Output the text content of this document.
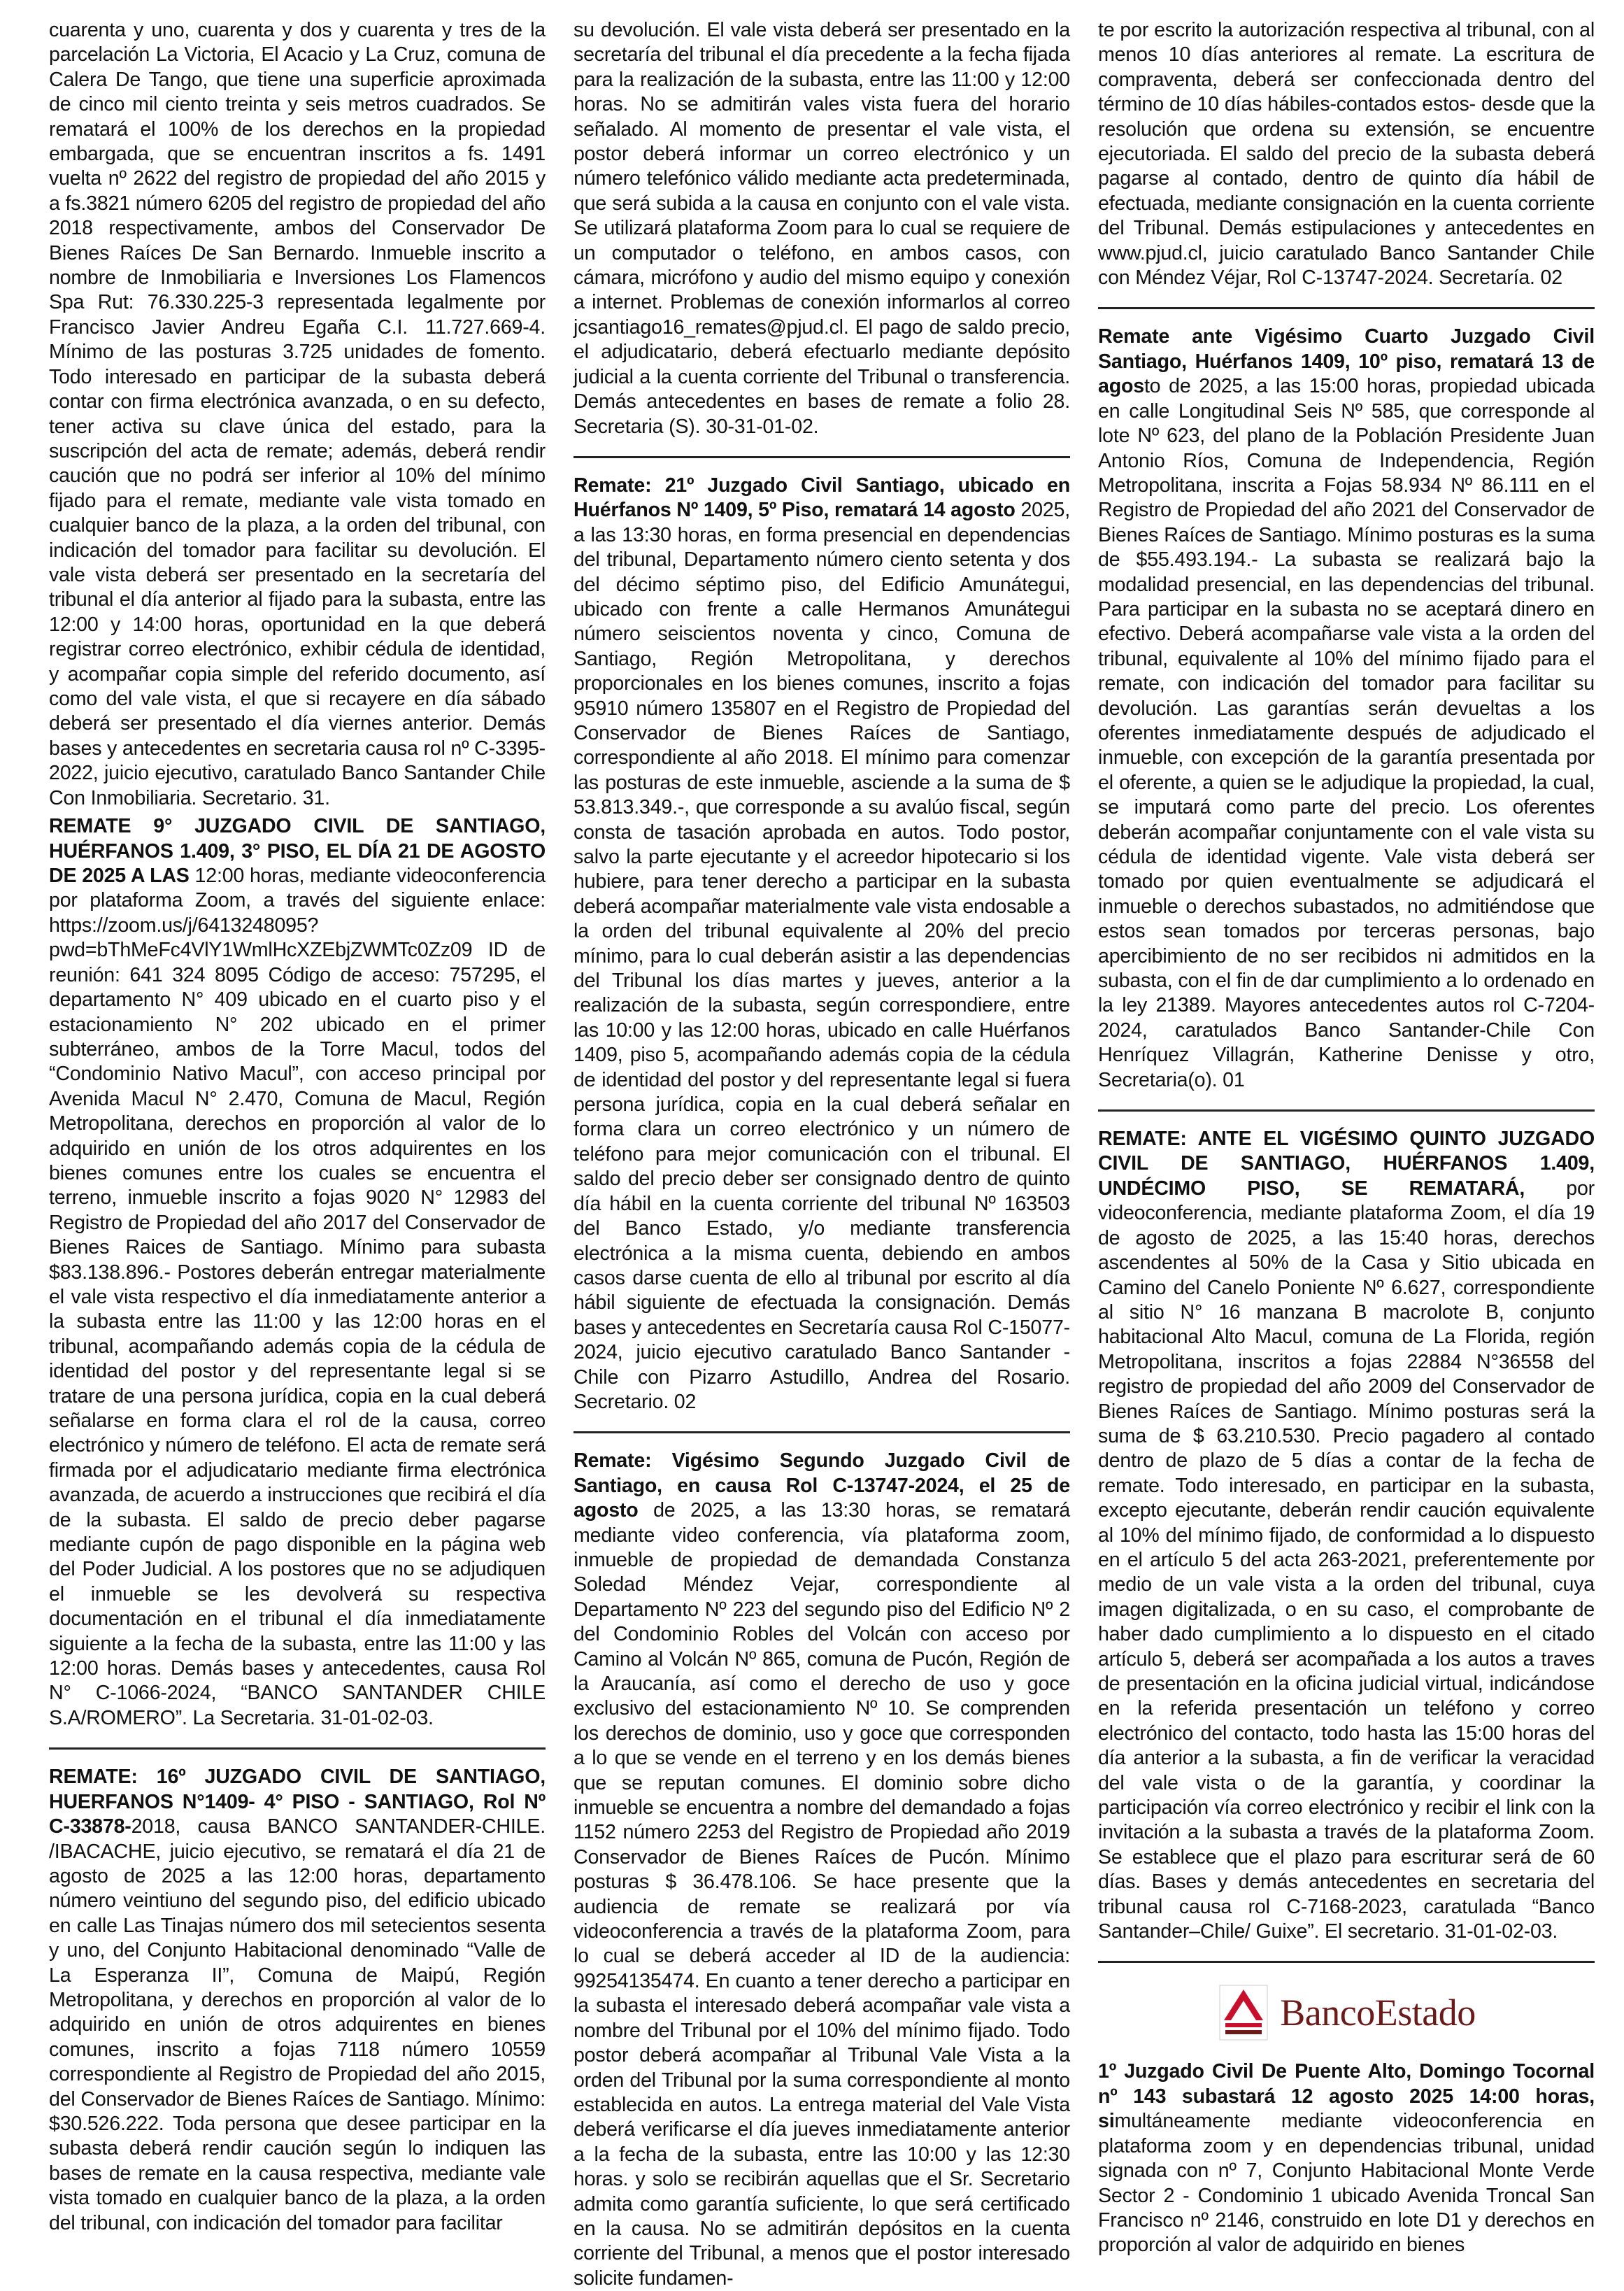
cuarenta y uno, cuarenta y dos y cuarenta y tres de la parcelación La Victoria, El Acacio y La Cruz, comuna de Calera De Tango, que tiene una superficie aproximada de cinco mil ciento treinta y seis metros cuadrados. Se rematará el 100% de los derechos en la propiedad embargada, que se encuentran inscritos a fs. 1491 vuelta nº 2622 del registro de propiedad del año 2015 y a fs.3821 número 6205 del registro de propiedad del año 2018 respectivamente, ambos del Conservador De Bienes Raíces De San Bernardo. Inmueble inscrito a nombre de Inmobiliaria e Inversiones Los Flamencos Spa Rut: 76.330.225-3 representada legalmente por Francisco Javier Andreu Egaña C.I. 11.727.669-4. Mínimo de las posturas 3.725 unidades de fomento. Todo interesado en participar de la subasta deberá contar con firma electrónica avanzada, o en su defecto, tener activa su clave única del estado, para la suscripción del acta de remate; además, deberá rendir caución que no podrá ser inferior al 10% del mínimo fijado para el remate, mediante vale vista tomado en cualquier banco de la plaza, a la orden del tribunal, con indicación del tomador para facilitar su devolución. El vale vista deberá ser presentado en la secretaría del tribunal el día anterior al fijado para la subasta, entre las 12:00 y 14:00 horas, oportunidad en la que deberá registrar correo electrónico, exhibir cédula de identidad, y acompañar copia simple del referido documento, así como del vale vista, el que si recayere en día sábado deberá ser presentado el día viernes anterior. Demás bases y antecedentes en secretaria causa rol nº C-3395-2022, juicio ejecutivo, caratulado Banco Santander Chile Con Inmobiliaria. Secretario. 31.

REMATE 9° JUZGADO CIVIL DE SANTIAGO, HUÉRFANOS 1.409, 3° PISO, EL DÍA 21 DE AGOSTO DE 2025 A LAS 12:00 horas, mediante videoconferencia por plataforma Zoom, a través del siguiente enlace: https://zoom.us/j/6413248095?pwd=bThMeFc4VlY1WmlHcXZEbjZWMTc0Zz09 ID de reunión: 641 324 8095 Código de acceso: 757295, el departamento N° 409 ubicado en el cuarto piso y el estacionamiento N° 202 ubicado en el primer subterráneo, ambos de la Torre Macul, todos del “Condominio Nativo Macul”, con acceso principal por Avenida Macul N° 2.470, Comuna de Macul, Región Metropolitana, derechos en proporción al valor de lo adquirido en unión de los otros adquirentes en los bienes comunes entre los cuales se encuentra el terreno, inmueble inscrito a fojas 9020 N° 12983 del Registro de Propiedad del año 2017 del Conservador de Bienes Raices de Santiago. Mínimo para subasta $83.138.896.- Postores deberán entregar materialmente el vale vista respectivo el día inmediatamente anterior a la subasta entre las 11:00 y las 12:00 horas en el tribunal, acompañando además copia de la cédula de identidad del postor y del representante legal si se tratare de una persona jurídica, copia en la cual deberá señalarse en forma clara el rol de la causa, correo electrónico y número de teléfono. El acta de remate será firmada por el adjudicatario mediante firma electrónica avanzada, de acuerdo a instrucciones que recibirá el día de la subasta. El saldo de precio deber pagarse mediante cupón de pago disponible en la página web del Poder Judicial. A los postores que no se adjudiquen el inmueble se les devolverá su respectiva documentación en el tribunal el día inmediatamente siguiente a la fecha de la subasta, entre las 11:00 y las 12:00 horas. Demás bases y antecedentes, causa Rol N° C-1066-2024, “BANCO SANTANDER CHILE S.A/ROMERO”. La Secretaria. 31-01-02-03.

REMATE: 16º JUZGADO CIVIL DE SANTIAGO, HUERFANOS N°1409- 4° PISO - SANTIAGO, Rol Nº C-33878-2018, causa BANCO SANTANDER-CHILE. /IBACACHE, juicio ejecutivo, se rematará el día 21 de agosto de 2025 a las 12:00 horas, departamento número veintiuno del segundo piso, del edificio ubicado en calle Las Tinajas número dos mil setecientos sesenta y uno, del Conjunto Habitacional denominado “Valle de La Esperanza II”, Comuna de Maipú, Región Metropolitana, y derechos en proporción al valor de lo adquirido en unión de otros adquirentes en bienes comunes, inscrito a fojas 7118 número 10559 correspondiente al Registro de Propiedad del año 2015, del Conservador de Bienes Raíces de Santiago. Mínimo: $30.526.222. Toda persona que desee participar en la subasta deberá rendir caución según lo indiquen las bases de remate en la causa respectiva, mediante vale vista tomado en cualquier banco de la plaza, a la orden del tribunal, con indicación del tomador para facilitar

su devolución. El vale vista deberá ser presentado en la secretaría del tribunal el día precedente a la fecha fijada para la realización de la subasta, entre las 11:00 y 12:00 horas. No se admitirán vales vista fuera del horario señalado. Al momento de presentar el vale vista, el postor deberá informar un correo electrónico y un número telefónico válido mediante acta predeterminada, que será subida a la causa en conjunto con el vale vista. Se utilizará plataforma Zoom para lo cual se requiere de un computador o teléfono, en ambos casos, con cámara, micrófono y audio del mismo equipo y conexión a internet. Problemas de conexión informarlos al correo jcsantiago16_remates@pjud.cl. El pago de saldo precio, el adjudicatario, deberá efectuarlo mediante depósito judicial a la cuenta corriente del Tribunal o transferencia. Demás antecedentes en bases de remate a folio 28. Secretaria (S). 30-31-01-02.

Remate: 21º Juzgado Civil Santiago, ubicado en Huérfanos Nº 1409, 5º Piso, rematará 14 agosto 2025, a las 13:30 horas, en forma presencial en dependencias del tribunal, Departamento número ciento setenta y dos del décimo séptimo piso, del Edificio Amunátegui, ubicado con frente a calle Hermanos Amunátegui número seiscientos noventa y cinco, Comuna de Santiago, Región Metropolitana, y derechos proporcionales en los bienes comunes, inscrito a fojas 95910 número 135807 en el Registro de Propiedad del Conservador de Bienes Raíces de Santiago, correspondiente al año 2018. El mínimo para comenzar las posturas de este inmueble, asciende a la suma de $ 53.813.349.-, que corresponde a su avalúo fiscal, según consta de tasación aprobada en autos. Todo postor, salvo la parte ejecutante y el acreedor hipotecario si los hubiere, para tener derecho a participar en la subasta deberá acompañar materialmente vale vista endosable a la orden del tribunal equivalente al 20% del precio mínimo, para lo cual deberán asistir a las dependencias del Tribunal los días martes y jueves, anterior a la realización de la subasta, según correspondiere, entre las 10:00 y las 12:00 horas, ubicado en calle Huérfanos 1409, piso 5, acompañando además copia de la cédula de identidad del postor y del representante legal si fuera persona jurídica, copia en la cual deberá señalar en forma clara un correo electrónico y un número de teléfono para mejor comunicación con el tribunal. El saldo del precio deber ser consignado dentro de quinto día hábil en la cuenta corriente del tribunal Nº 163503 del Banco Estado, y/o mediante transferencia electrónica a la misma cuenta, debiendo en ambos casos darse cuenta de ello al tribunal por escrito al día hábil siguiente de efectuada la consignación. Demás bases y antecedentes en Secretaría causa Rol C-15077-2024, juicio ejecutivo caratulado Banco Santander - Chile con Pizarro Astudillo, Andrea del Rosario. Secretario. 02

Remate: Vigésimo Segundo Juzgado Civil de Santiago, en causa Rol C-13747-2024, el 25 de agosto de 2025, a las 13:30 horas, se rematará mediante video conferencia, vía plataforma zoom, inmueble de propiedad de demandada Constanza Soledad Méndez Vejar, correspondiente al Departamento Nº 223 del segundo piso del Edificio Nº 2 del Condominio Robles del Volcán con acceso por Camino al Volcán Nº 865, comuna de Pucón, Región de la Araucanía, así como el derecho de uso y goce exclusivo del estacionamiento Nº 10. Se comprenden los derechos de dominio, uso y goce que corresponden a lo que se vende en el terreno y en los demás bienes que se reputan comunes. El dominio sobre dicho inmueble se encuentra a nombre del demandado a fojas 1152 número 2253 del Registro de Propiedad año 2019 Conservador de Bienes Raíces de Pucón. Mínimo posturas $ 36.478.106. Se hace presente que la audiencia de remate se realizará por vía videoconferencia a través de la plataforma Zoom, para lo cual se deberá acceder al ID de la audiencia: 99254135474. En cuanto a tener derecho a participar en la subasta el interesado deberá acompañar vale vista a nombre del Tribunal por el 10% del mínimo fijado. Todo postor deberá acompañar al Tribunal Vale Vista a la orden del Tribunal por la suma correspondiente al monto establecida en autos. La entrega material del Vale Vista deberá verificarse el día jueves inmediatamente anterior a la fecha de la subasta, entre las 10:00 y las 12:30 horas. y solo se recibirán aquellas que el Sr. Secretario admita como garantía suficiente, lo que será certificado en la causa. No se admitirán depósitos en la cuenta corriente del Tribunal, a menos que el postor interesado solicite fundamen-

te por escrito la autorización respectiva al tribunal, con al menos 10 días anteriores al remate. La escritura de compraventa, deberá ser confeccionada dentro del término de 10 días hábiles-contados estos- desde que la resolución que ordena su extensión, se encuentre ejecutoriada. El saldo del precio de la subasta deberá pagarse al contado, dentro de quinto día hábil de efectuada, mediante consignación en la cuenta corriente del Tribunal. Demás estipulaciones y antecedentes en www.pjud.cl, juicio caratulado Banco Santander Chile con Méndez Véjar, Rol C-13747-2024. Secretaría. 02

Remate ante Vigésimo Cuarto Juzgado Civil Santiago, Huérfanos 1409, 10º piso, rematará 13 de agosto de 2025, a las 15:00 horas, propiedad ubicada en calle Longitudinal Seis Nº 585, que corresponde al lote Nº 623, del plano de la Población Presidente Juan Antonio Ríos, Comuna de Independencia, Región Metropolitana, inscrita a Fojas 58.934 Nº 86.111 en el Registro de Propiedad del año 2021 del Conservador de Bienes Raíces de Santiago. Mínimo posturas es la suma de $55.493.194.- La subasta se realizará bajo la modalidad presencial, en las dependencias del tribunal. Para participar en la subasta no se aceptará dinero en efectivo. Deberá acompañarse vale vista a la orden del tribunal, equivalente al 10% del mínimo fijado para el remate, con indicación del tomador para facilitar su devolución. Las garantías serán devueltas a los oferentes inmediatamente después de adjudicado el inmueble, con excepción de la garantía presentada por el oferente, a quien se le adjudique la propiedad, la cual, se imputará como parte del precio. Los oferentes deberán acompañar conjuntamente con el vale vista su cédula de identidad vigente. Vale vista deberá ser tomado por quien eventualmente se adjudicará el inmueble o derechos subastados, no admitiéndose que estos sean tomados por terceras personas, bajo apercibimiento de no ser recibidos ni admitidos en la subasta, con el fin de dar cumplimiento a lo ordenado en la ley 21389. Mayores antecedentes autos rol C-7204-2024, caratulados Banco Santander-Chile Con Henríquez Villagrán, Katherine Denisse y otro, Secretaria(o). 01

REMATE: ANTE EL VIGÉSIMO QUINTO JUZGADO CIVIL DE SANTIAGO, HUÉRFANOS 1.409, UNDÉCIMO PISO, SE REMATARÁ, por videoconferencia, mediante plataforma Zoom, el día 19 de agosto de 2025, a las 15:40 horas, derechos ascendentes al 50% de la Casa y Sitio ubicada en Camino del Canelo Poniente Nº 6.627, correspondiente al sitio N° 16 manzana B macrolote B, conjunto habitacional Alto Macul, comuna de La Florida, región Metropolitana, inscritos a fojas 22884 N°36558 del registro de propiedad del año 2009 del Conservador de Bienes Raíces de Santiago. Mínimo posturas será la suma de $ 63.210.530. Precio pagadero al contado dentro de plazo de 5 días a contar de la fecha de remate. Todo interesado, en participar en la subasta, excepto ejecutante, deberán rendir caución equivalente al 10% del mínimo fijado, de conformidad a lo dispuesto en el artículo 5 del acta 263-2021, preferentemente por medio de un vale vista a la orden del tribunal, cuya imagen digitalizada, o en su caso, el comprobante de haber dado cumplimiento a lo dispuesto en el citado artículo 5, deberá ser acompañada a los autos a traves de presentación en la oficina judicial virtual, indicándose en la referida presentación un teléfono y correo electrónico del contacto, todo hasta las 15:00 horas del día anterior a la subasta, a fin de verificar la veracidad del vale vista o de la garantía, y coordinar la participación vía correo electrónico y recibir el link con la invitación a la subasta a través de la plataforma Zoom. Se establece que el plazo para escriturar será de 60 días. Bases y demás antecedentes en secretaria del tribunal causa rol C-7168-2023, caratulada “Banco Santander–Chile/ Guixe”. El secretario. 31-01-02-03.

BancoEstado

1º Juzgado Civil De Puente Alto, Domingo Tocornal nº 143 subastará 12 agosto 2025 14:00 horas, simultáneamente mediante videoconferencia en plataforma zoom y en dependencias tribunal, unidad signada con nº 7, Conjunto Habitacional Monte Verde Sector 2 - Condominio 1 ubicado Avenida Troncal San Francisco nº 2146, construido en lote D1 y derechos en proporción al valor de adquirido en bienes
